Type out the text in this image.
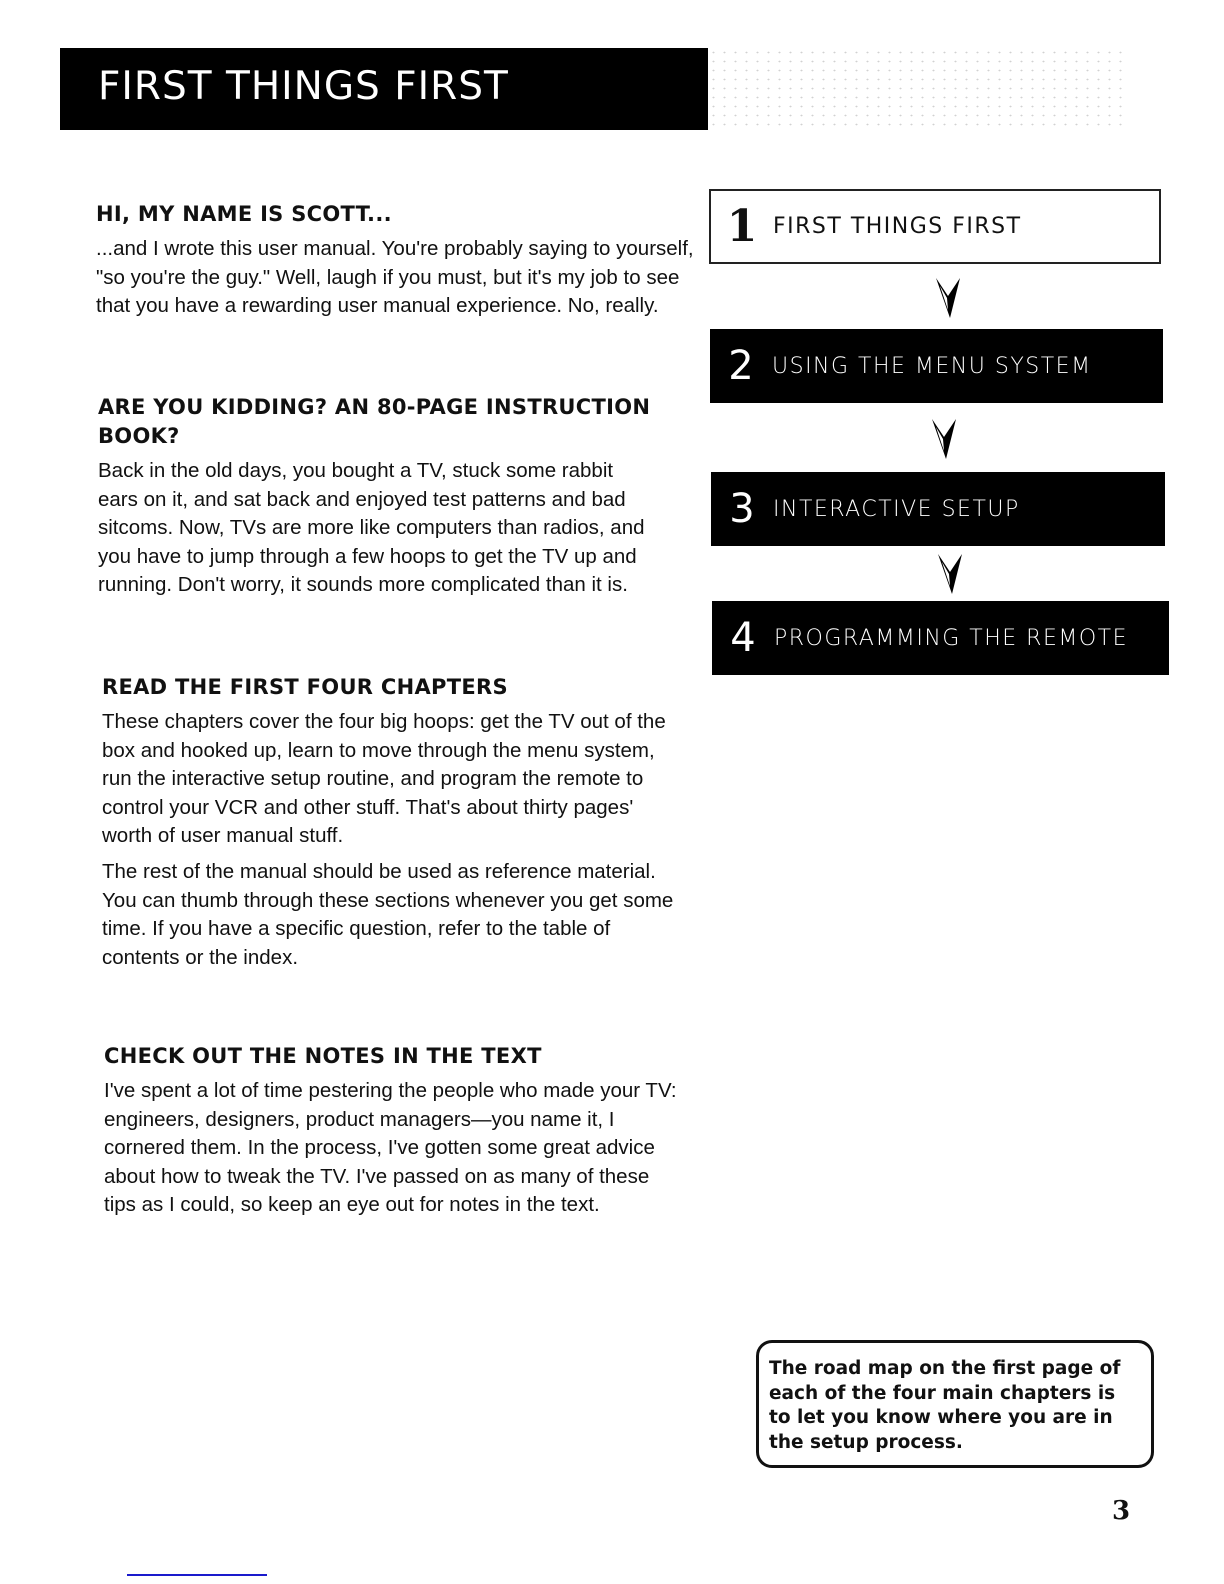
FIRST THINGS FIRST
HI, MY NAME IS SCOTT...

...and I wrote this user manual. You're probably saying to yourself, "so you're the guy." Well, laugh if you must, but it's my job to see that you have a rewarding user manual experience. No, really.

ARE YOU KIDDING? AN 80-PAGE INSTRUCTION BOOK?

Back in the old days, you bought a TV, stuck some rabbit ears on it, and sat back and enjoyed test patterns and bad sitcoms. Now, TVs are more like computers than radios, and you have to jump through a few hoops to get the TV up and running. Don't worry, it sounds more complicated than it is.

READ THE FIRST FOUR CHAPTERS

These chapters cover the four big hoops: get the TV out of the box and hooked up, learn to move through the menu system, run the interactive setup routine, and program the remote to control your VCR and other stuff. That's about thirty pages' worth of user manual stuff.

The rest of the manual should be used as reference material. You can thumb through these sections whenever you get some time. If you have a specific question, refer to the table of contents or the index.

CHECK OUT THE NOTES IN THE TEXT

I've spent a lot of time pestering the people who made your TV: engineers, designers, product managers—you name it, I cornered them. In the process, I've gotten some great advice about how to tweak the TV. I've passed on as many of these tips as I could, so keep an eye out for notes in the text.

1 FIRST THINGS FIRST
2 USING THE MENU SYSTEM
3 INTERACTIVE SETUP
4 PROGRAMMING THE REMOTE

The road map on the first page of each of the four main chapters is to let you know where you are in the setup process.

3
